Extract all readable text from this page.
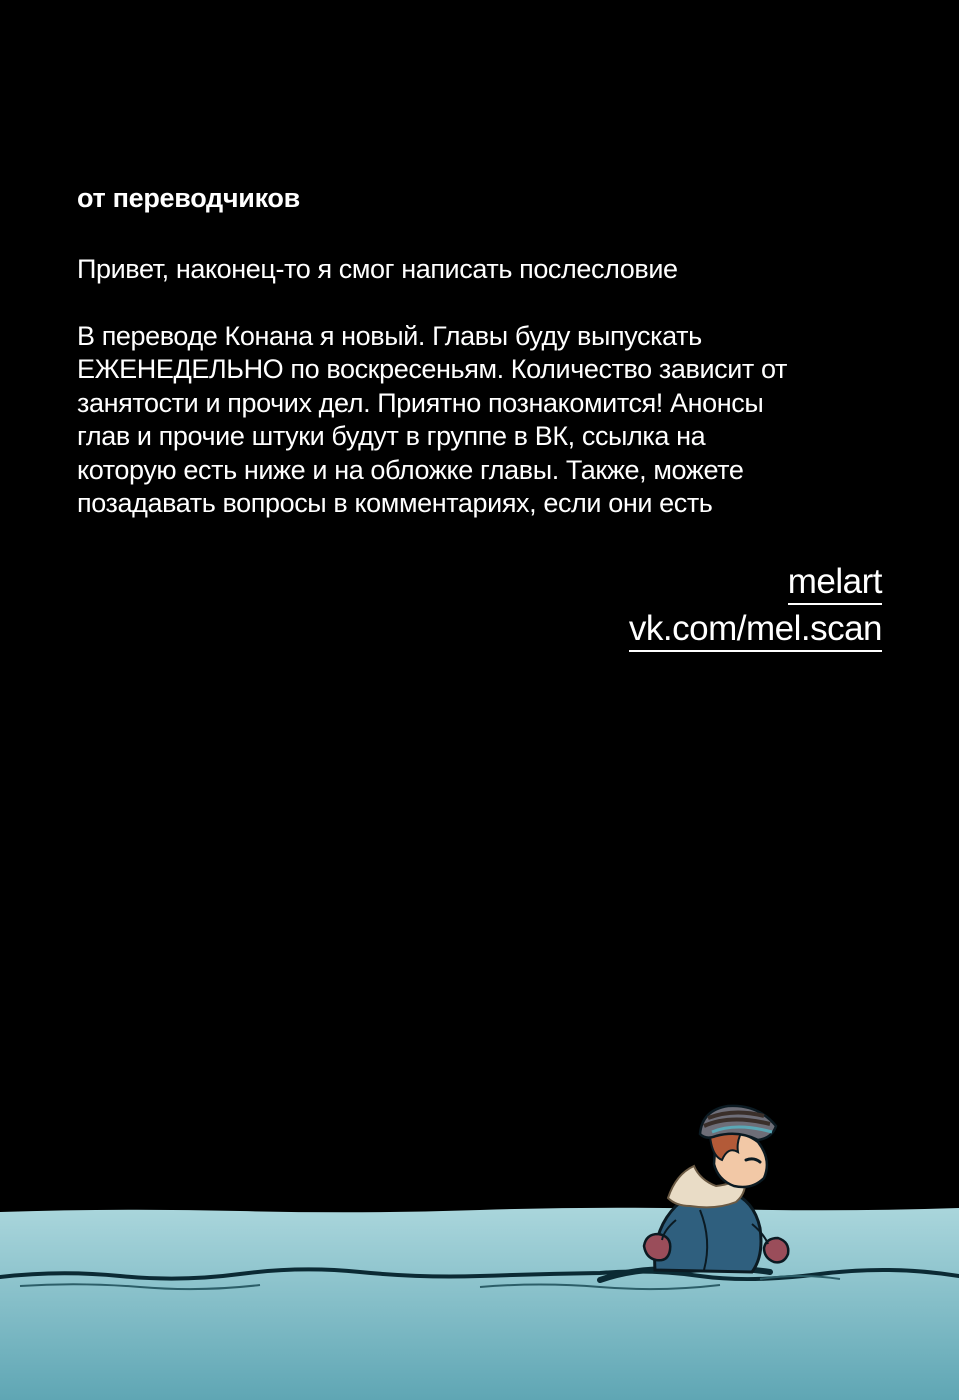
от переводчиков

Привет, наконец-то я смог написать послесловие

В переводе Конана я новый. Главы буду выпускать
ЕЖЕНЕДЕЛЬНО по воскресеньям. Количество зависит от
занятости и прочих дел. Приятно познакомится! Анонсы
глав и прочие штуки будут в группе в ВК, ссылка на
которую есть ниже и на обложке главы. Также, можете
позадавать вопросы в комментариях, если они есть

melart
vk.com/mel.scan
